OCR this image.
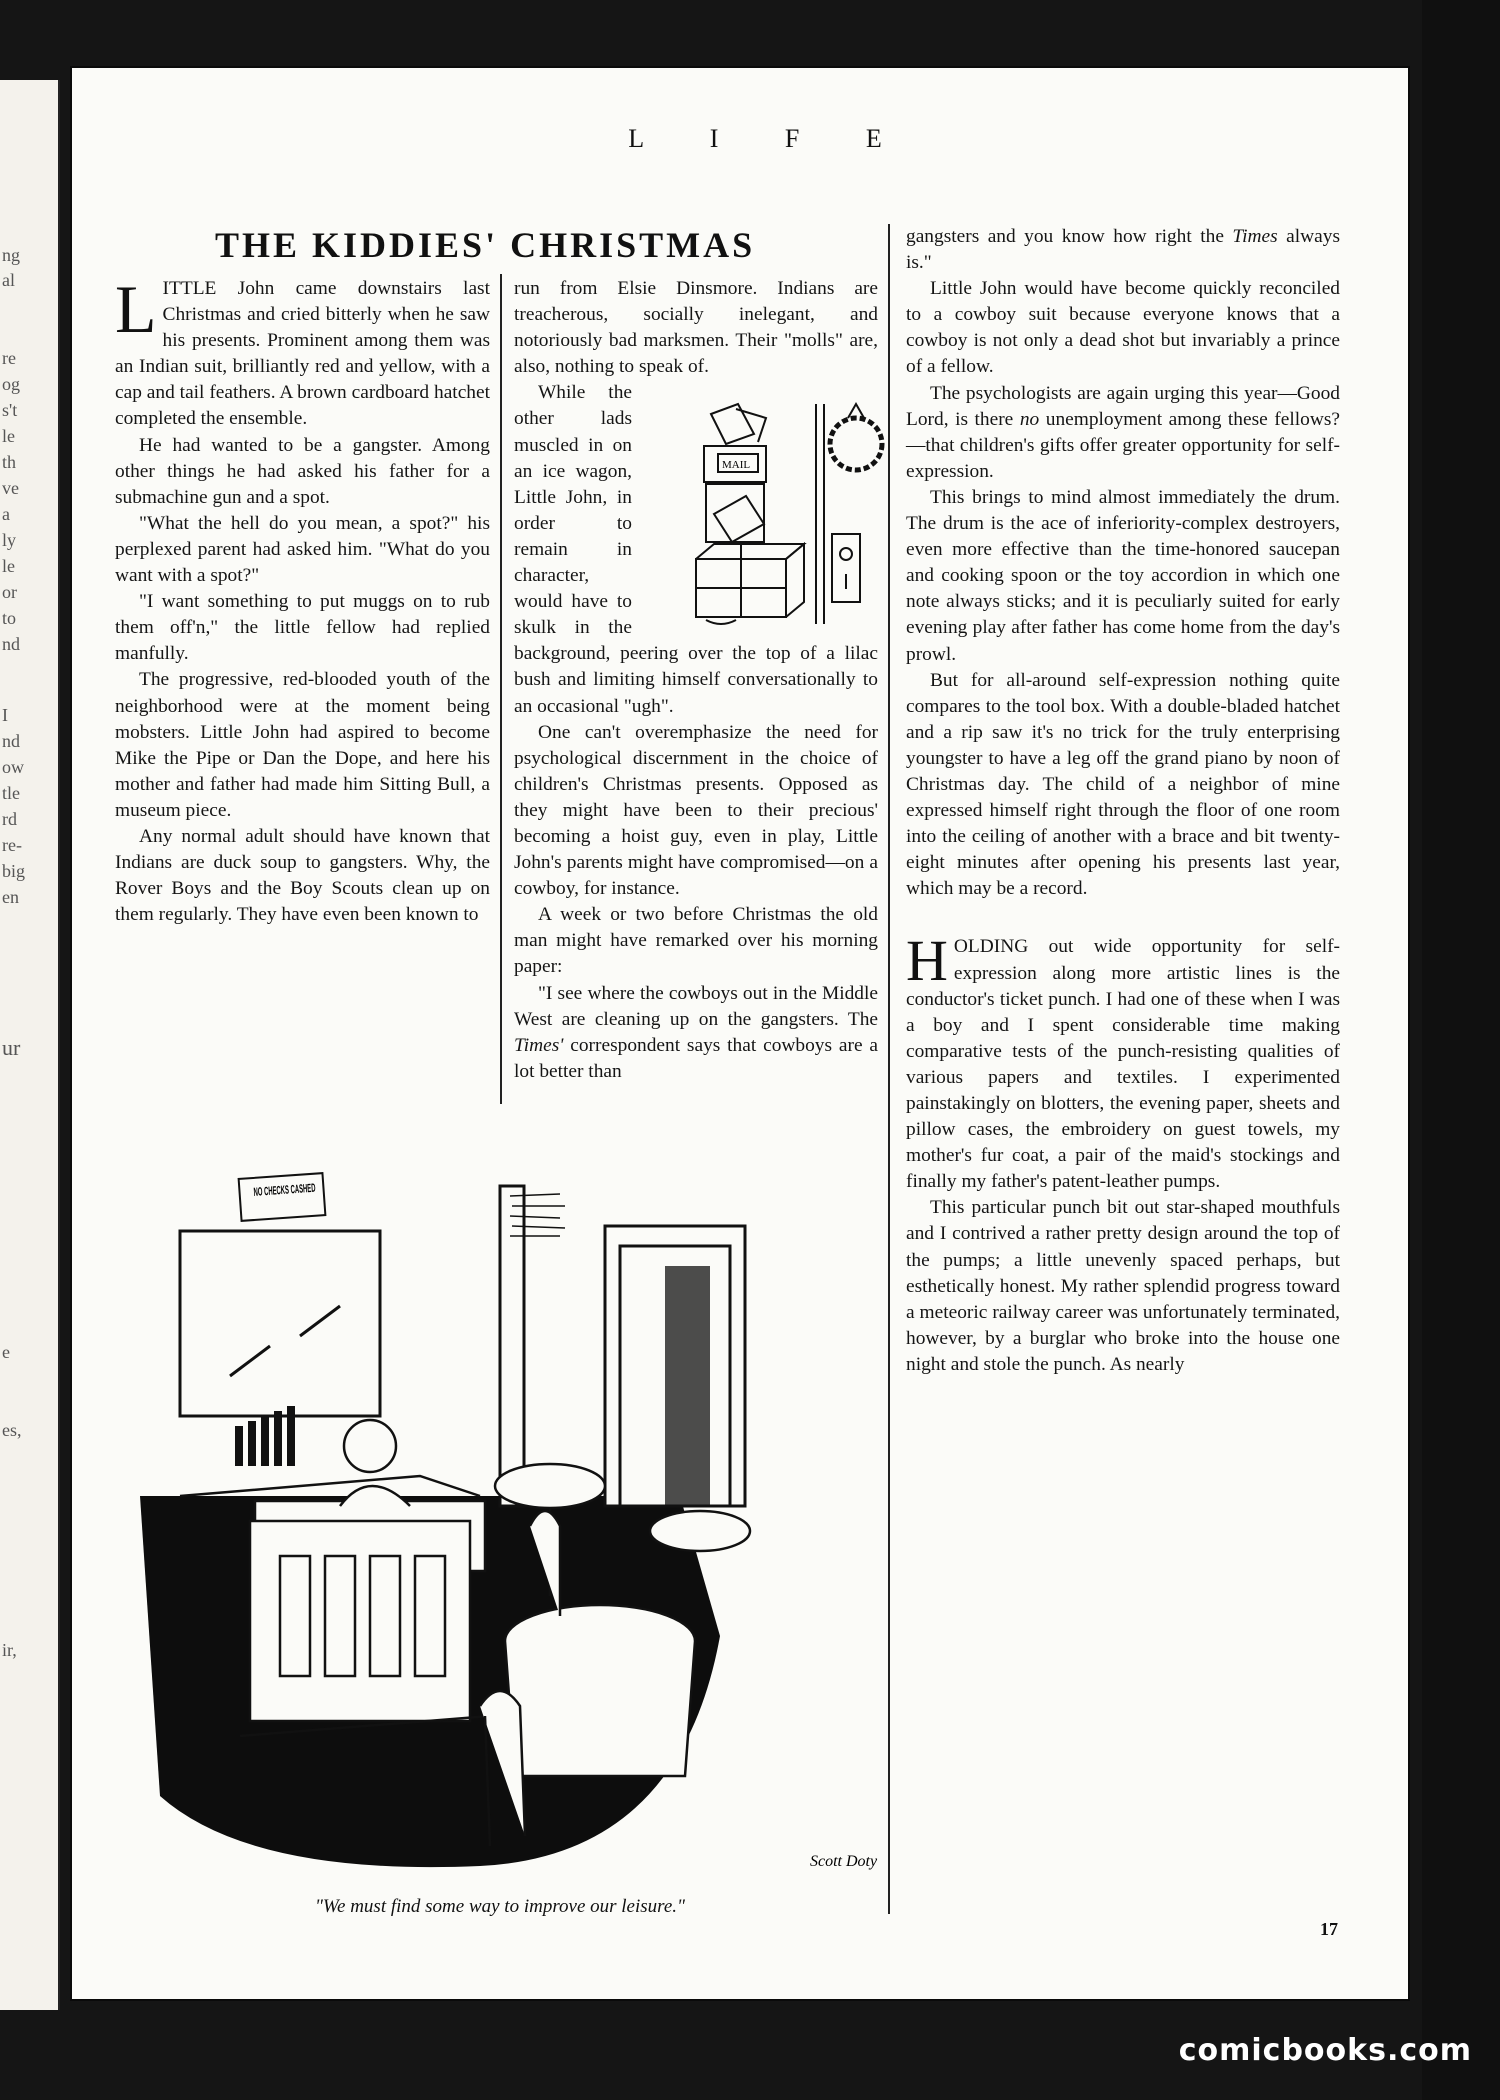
ng
al
re
og
s't
le
th
ve
a
ly
le
or
to
nd
I
nd
ow
tle
rd
re-
big
en
ur
e
es,
ir,
L I F E
THE KIDDIES' CHRISTMAS

LITTLE John came downstairs last Christmas and cried bitterly when he saw his presents. Prominent among them was an Indian suit, brilliantly red and yellow, with a cap and tail feathers. A brown cardboard hatchet completed the ensemble.

He had wanted to be a gangster. Among other things he had asked his father for a submachine gun and a spot.

"What the hell do you mean, a spot?" his perplexed parent had asked him. "What do you want with a spot?"

"I want something to put muggs on to rub them off'n," the little fellow had replied manfully.

The progressive, red-blooded youth of the neighborhood were at the moment being mobsters. Little John had aspired to become Mike the Pipe or Dan the Dope, and here his mother and father had made him Sitting Bull, a museum piece.

Any normal adult should have known that Indians are duck soup to gangsters. Why, the Rover Boys and the Boy Scouts clean up on them regularly. They have even been known to

run from Elsie Dinsmore. Indians are treacherous, socially inelegant, and notoriously bad marksmen. Their "molls" are, also, nothing to speak of.

MAIL
While the other lads muscled in on an ice wagon, Little John, in order to remain in character, would have to skulk in the background, peering over the top of a lilac bush and limiting himself conversationally to an occasional "ugh".

One can't overemphasize the need for psychological discernment in the choice of children's Christmas presents. Opposed as they might have been to their precious' becoming a hoist guy, even in play, Little John's parents might have compromised—on a cowboy, for instance.

A week or two before Christmas the old man might have remarked over his morning paper:

"I see where the cowboys out in the Middle West are cleaning up on the gangsters. The Times' correspondent says that cowboys are a lot better than

gangsters and you know how right the Times always is."

Little John would have become quickly reconciled to a cowboy suit because everyone knows that a cowboy is not only a dead shot but invariably a prince of a fellow.

The psychologists are again urging this year—Good Lord, is there no unemployment among these fellows?—that children's gifts offer greater opportunity for self-expression.

This brings to mind almost immediately the drum. The drum is the ace of inferiority-complex destroyers, even more effective than the time-honored saucepan and cooking spoon or the toy accordion in which one note always sticks; and it is peculiarly suited for early evening play after father has come home from the day's prowl.

But for all-around self-expression nothing quite compares to the tool box. With a double-bladed hatchet and a rip saw it's no trick for the truly enterprising youngster to have a leg off the grand piano by noon of Christmas day. The child of a neighbor of mine expressed himself right through the floor of one room into the ceiling of another with a brace and bit twenty-eight minutes after opening his presents last year, which may be a record.

HOLDING out wide opportunity for self-expression along more artistic lines is the conductor's ticket punch. I had one of these when I was a boy and I spent considerable time making comparative tests of the punch-resisting qualities of various papers and textiles. I experimented painstakingly on blotters, the evening paper, sheets and pillow cases, the embroidery on guest towels, my mother's fur coat, a pair of the maid's stockings and finally my father's patent-leather pumps.

This particular punch bit out star-shaped mouthfuls and I contrived a rather pretty design around the top of the pumps; a little unevenly spaced perhaps, but esthetically honest. My rather splendid progress toward a meteoric railway career was unfortunately terminated, however, by a burglar who broke into the house one night and stole the punch. As nearly

Scott Doty
"We must find some way to improve our leisure."
17
comicbooks.com
